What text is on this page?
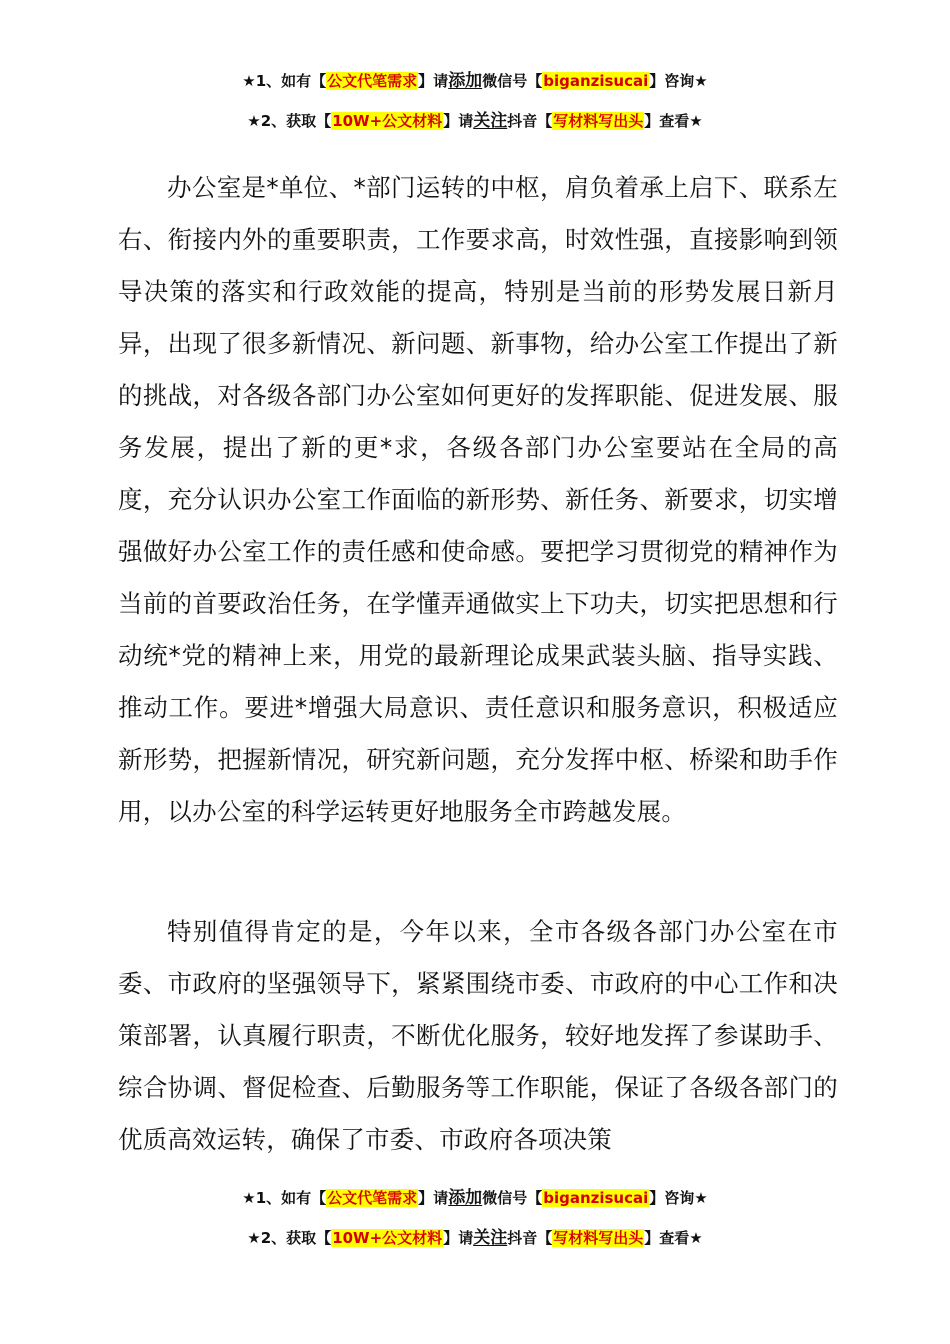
★1、如有【公文代笔需求】请添加微信号【biganzisucai】咨询★
★2、获取【10W+公文材料】请关注抖音【写材料写出头】查看★

办公室是*单位、*部门运转的中枢，肩负着承上启下、联系左右、衔接内外的重要职责，工作要求高，时效性强，直接影响到领导决策的落实和行政效能的提高，特别是当前的形势发展日新月异，出现了很多新情况、新问题、新事物，给办公室工作提出了新的挑战，对各级各部门办公室如何更好的发挥职能、促进发展、服务发展，提出了新的更*求，各级各部门办公室要站在全局的高度，充分认识办公室工作面临的新形势、新任务、新要求，切实增强做好办公室工作的责任感和使命感。要把学习贯彻党的精神作为当前的首要政治任务，在学懂弄通做实上下功夫，切实把思想和行动统*党的精神上来，用党的最新理论成果武装头脑、指导实践、推动工作。要进*增强大局意识、责任意识和服务意识，积极适应新形势，把握新情况，研究新问题，充分发挥中枢、桥梁和助手作用，以办公室的科学运转更好地服务全市跨越发展。

特别值得肯定的是，今年以来，全市各级各部门办公室在市委、市政府的坚强领导下，紧紧围绕市委、市政府的中心工作和决策部署，认真履行职责，不断优化服务，较好地发挥了参谋助手、综合协调、督促检查、后勤服务等工作职能，保证了各级各部门的优质高效运转，确保了市委、市政府各项决策

★1、如有【公文代笔需求】请添加微信号【biganzisucai】咨询★
★2、获取【10W+公文材料】请关注抖音【写材料写出头】查看★
